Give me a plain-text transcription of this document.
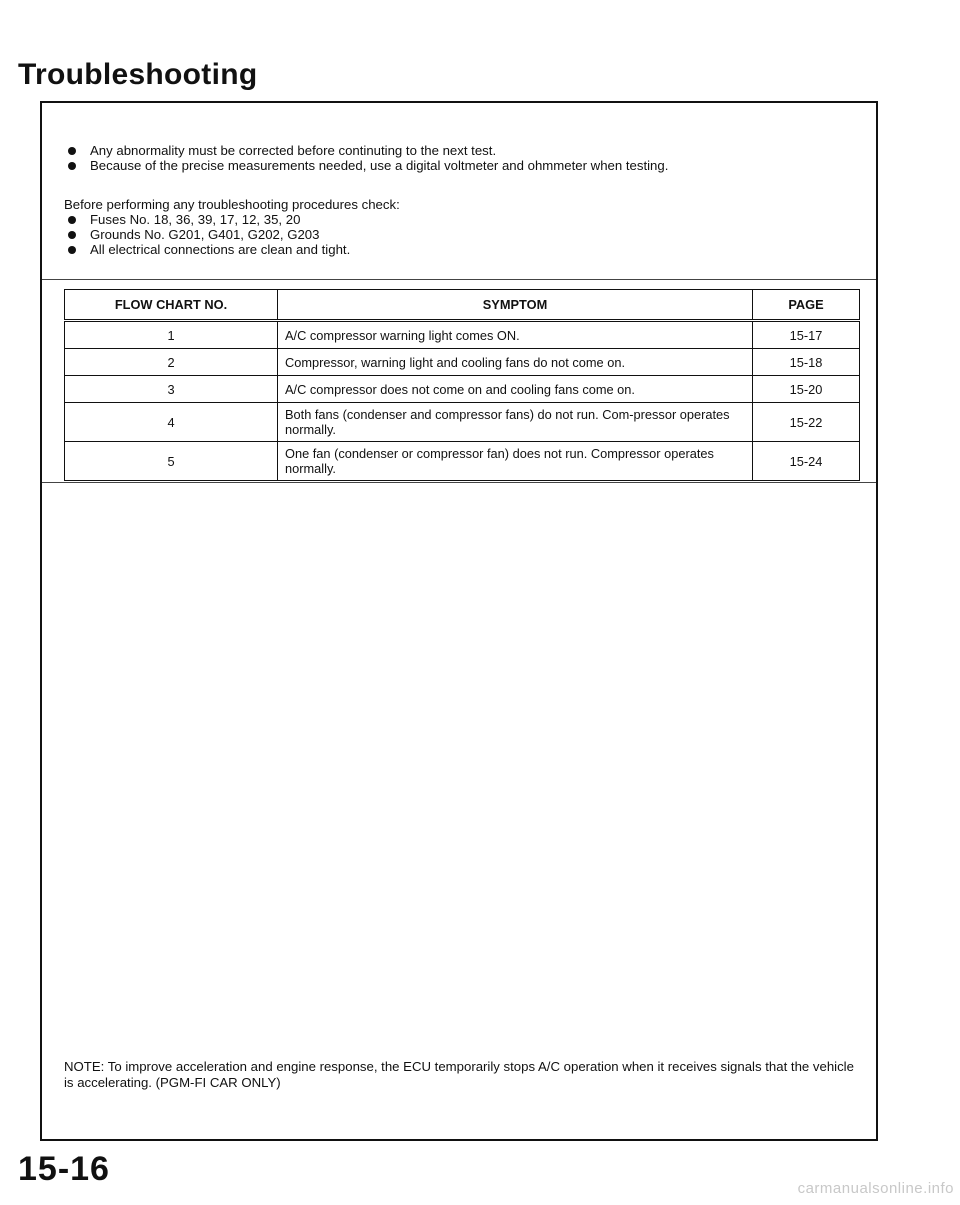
Troubleshooting
Any abnormality must be corrected before continuting to the next test.
Because of the precise measurements needed, use a digital voltmeter and ohmmeter when testing.
Before performing any troubleshooting procedures check:
Fuses No. 18, 36, 39, 17, 12, 35, 20
Grounds No. G201, G401, G202, G203
All electrical connections are clean and tight.
FLOW CHART NO.	SYMPTOM	PAGE
1	A/C compressor warning light comes ON.	15-17
2	Compressor, warning light and cooling fans do not come on.	15-18
3	A/C compressor does not come on and cooling fans come on.	15-20
4	Both fans (condenser and compressor fans) do not run. Com-pressor operates normally.	15-22
5	One fan (condenser or compressor fan) does not run. Compressor operates normally.	15-24
NOTE: To improve acceleration and engine response, the ECU temporarily stops A/C operation when it receives signals that the vehicle is accelerating. (PGM-FI CAR ONLY)
15-16
carmanualsonline.info
